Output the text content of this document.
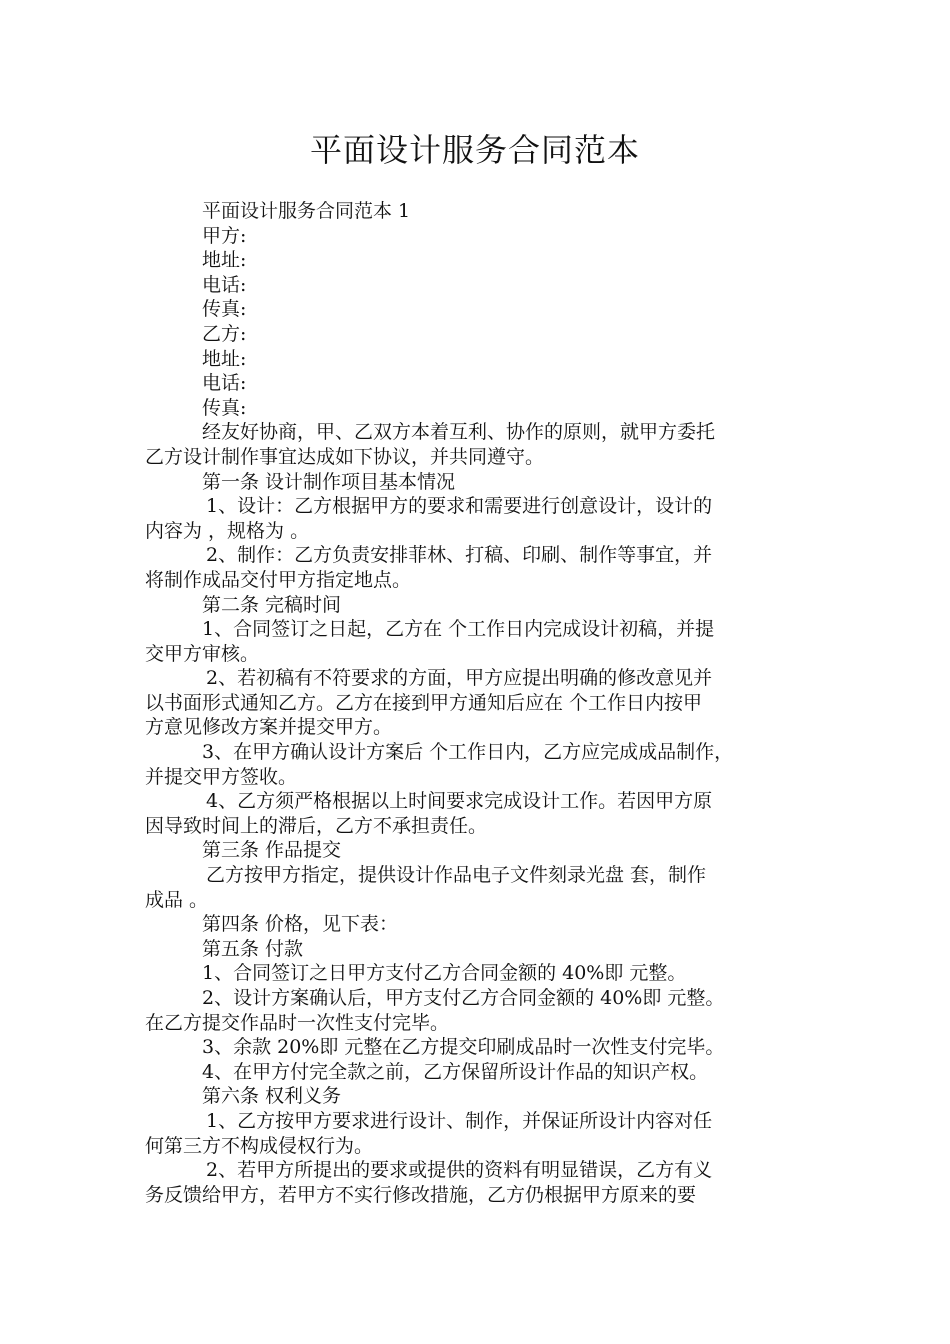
平面设计服务合同范本
平面设计服务合同范本 1
甲方:
地址:
电话:
传真:
乙方:
地址:
电话:
传真:
经友好协商，甲、乙双方本着互利、协作的原则，就甲方委托
乙方设计制作事宜达成如下协议，并共同遵守。
第一条 设计制作项目基本情况
1、设计：乙方根据甲方的要求和需要进行创意设计，设计的
内容为 ，规格为 。
2、制作：乙方负责安排菲林、打稿、印刷、制作等事宜，并
将制作成品交付甲方指定地点。
第二条 完稿时间
1、合同签订之日起，乙方在 个工作日内完成设计初稿，并提
交甲方审核。
2、若初稿有不符要求的方面，甲方应提出明确的修改意见并
以书面形式通知乙方。乙方在接到甲方通知后应在 个工作日内按甲
方意见修改方案并提交甲方。
3、在甲方确认设计方案后 个工作日内，乙方应完成成品制作，
并提交甲方签收。
4、乙方须严格根据以上时间要求完成设计工作。若因甲方原
因导致时间上的滞后，乙方不承担责任。
第三条 作品提交
乙方按甲方指定，提供设计作品电子文件刻录光盘 套，制作
成品 。
第四条 价格，见下表：
第五条 付款
1、合同签订之日甲方支付乙方合同金额的 40%即 元整。
2、设计方案确认后，甲方支付乙方合同金额的 40%即 元整。
在乙方提交作品时一次性支付完毕。
3、余款 20%即 元整在乙方提交印刷成品时一次性支付完毕。
4、在甲方付完全款之前，乙方保留所设计作品的知识产权。
第六条 权利义务
1、乙方按甲方要求进行设计、制作，并保证所设计内容对任
何第三方不构成侵权行为。
2、若甲方所提出的要求或提供的资料有明显错误，乙方有义
务反馈给甲方，若甲方不实行修改措施，乙方仍根据甲方原来的要
